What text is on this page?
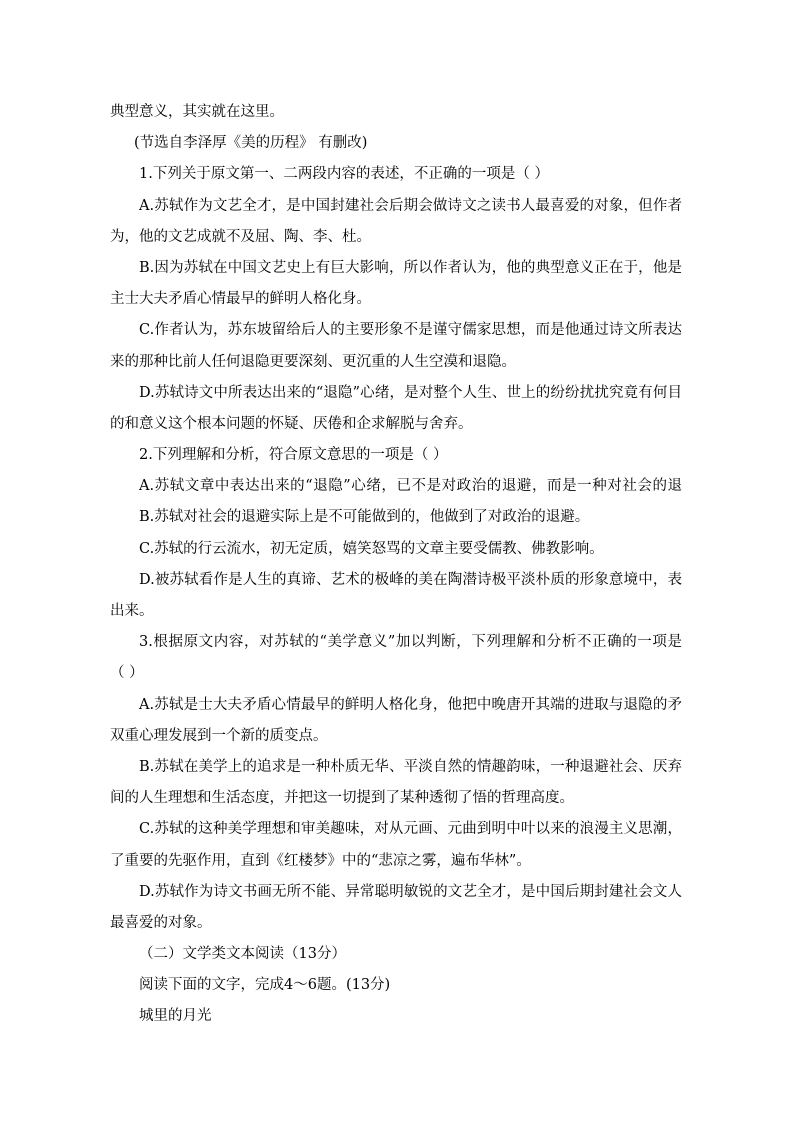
典型意义，其实就在这里。
(节选自李泽厚《美的历程》 有删改)
1.下列关于原文第一、二两段内容的表述，不正确的一项是（ ）
A.苏轼作为文艺全才，是中国封建社会后期会做诗文之读书人最喜爱的对象，但作者
为，他的文艺成就不及屈、陶、李、杜。
B.因为苏轼在中国文艺史上有巨大影响，所以作者认为，他的典型意义正在于，他是
主士大夫矛盾心情最早的鲜明人格化身。
C.作者认为，苏东坡留给后人的主要形象不是谨守儒家思想，而是他通过诗文所表达
来的那种比前人任何退隐更要深刻、更沉重的人生空漠和退隐。
D.苏轼诗文中所表达出来的“退隐”心绪，是对整个人生、世上的纷纷扰扰究竟有何目
的和意义这个根本问题的怀疑、厌倦和企求解脱与舍弃。
2.下列理解和分析，符合原文意思的一项是（ ）
A.苏轼文章中表达出来的“退隐”心绪，已不是对政治的退避，而是一种对社会的退
B.苏轼对社会的退避实际上是不可能做到的，他做到了对政治的退避。
C.苏轼的行云流水，初无定质，嬉笑怒骂的文章主要受儒教、佛教影响。
D.被苏轼看作是人生的真谛、艺术的极峰的美在陶潜诗极平淡朴质的形象意境中，表
出来。
3.根据原文内容，对苏轼的“美学意义”加以判断，下列理解和分析不正确的一项是
（ ）
A.苏轼是士大夫矛盾心情最早的鲜明人格化身，他把中晚唐开其端的进取与退隐的矛
双重心理发展到一个新的质变点。
B.苏轼在美学上的追求是一种朴质无华、平淡自然的情趣韵味，一种退避社会、厌弃
间的人生理想和生活态度，并把这一切提到了某种透彻了悟的哲理高度。
C.苏轼的这种美学理想和审美趣味，对从元画、元曲到明中叶以来的浪漫主义思潮，
了重要的先驱作用，直到《红楼梦》中的“悲凉之雾，遍布华林”。
D.苏轼作为诗文书画无所不能、异常聪明敏锐的文艺全才，是中国后期封建社会文人
最喜爱的对象。
（二）文学类文本阅读（13分）
阅读下面的文字，完成4～6题。(13分)
城里的月光
